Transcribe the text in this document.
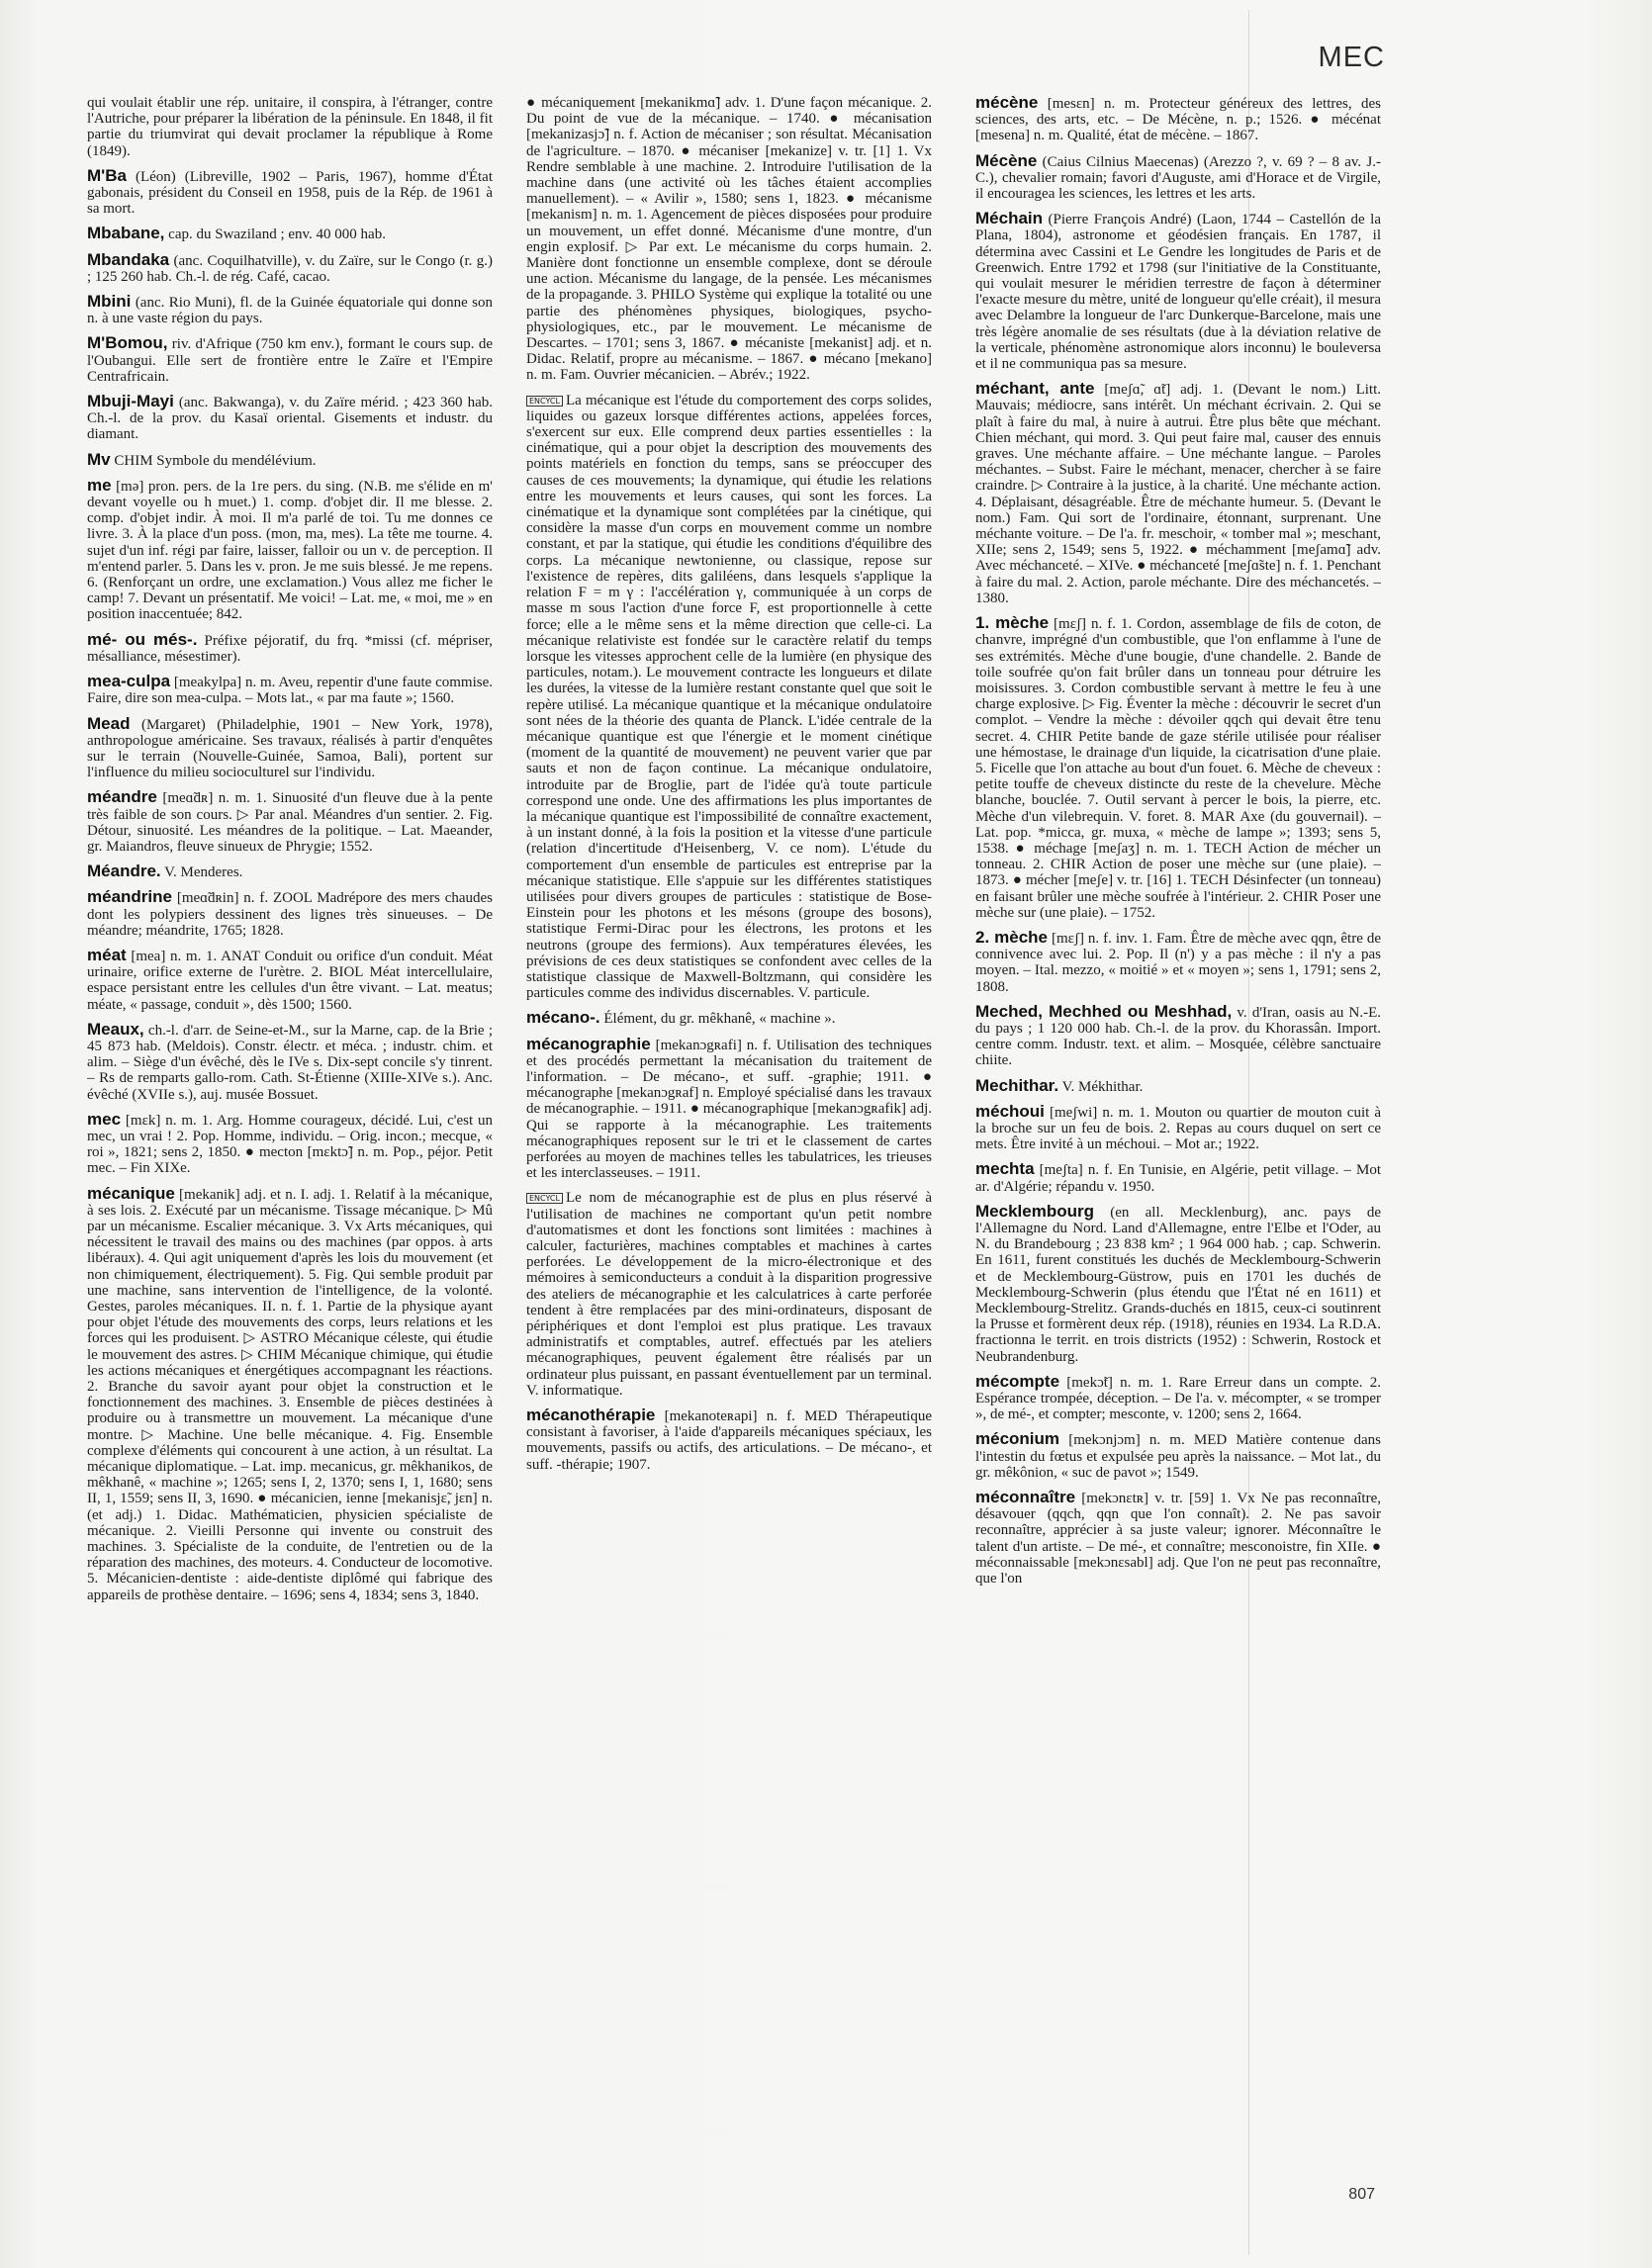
MEC

qui voulait établir une rép. unitaire, il conspira, à l'étranger, contre l'Autriche, pour préparer la libération de la péninsule. En 1848, il fit partie du triumvirat qui devait proclamer la république à Rome (1849).

M'Ba (Léon) (Libreville, 1902 – Paris, 1967), homme d'État gabonais, président du Conseil en 1958, puis de la Rép. de 1961 à sa mort.

Mbabane, cap. du Swaziland ; env. 40 000 hab.

Mbandaka (anc. Coquilhatville), v. du Zaïre, sur le Congo (r. g.) ; 125 260 hab. Ch.-l. de rég. Café, cacao.

Mbini (anc. Rio Muni), fl. de la Guinée équatoriale qui donne son n. à une vaste région du pays.

M'Bomou, riv. d'Afrique (750 km env.), formant le cours sup. de l'Oubangui. Elle sert de frontière entre le Zaïre et l'Empire Centrafricain.

Mbuji-Mayi (anc. Bakwanga), v. du Zaïre mérid. ; 423 360 hab. Ch.-l. de la prov. du Kasaï oriental. Gisements et industr. du diamant.

Mv CHIM Symbole du mendélévium.

me [mə] pron. pers. de la 1re pers. du sing. (N.B. me s'élide en m' devant voyelle ou h muet.) 1. comp. d'objet dir. Il me blesse. 2. comp. d'objet indir. À moi. Il m'a parlé de toi. Tu me donnes ce livre. 3. À la place d'un poss. (mon, ma, mes). La tête me tourne. 4. sujet d'un inf. régi par faire, laisser, falloir ou un v. de perception. Il m'entend parler. 5. Dans les v. pron. Je me suis blessé. Je me repens. 6. (Renforçant un ordre, une exclamation.) Vous allez me ficher le camp! 7. Devant un présentatif. Me voici! – Lat. me, « moi, me » en position inaccentuée; 842.

mé- ou més-. Préfixe péjoratif, du frq. *missi (cf. mépriser, mésalliance, mésestimer).

mea-culpa [meakylpa] n. m. Aveu, repentir d'une faute commise. Faire, dire son mea-culpa. – Mots lat., « par ma faute »; 1560.

Mead (Margaret) (Philadelphie, 1901 – New York, 1978), anthropologue américaine. Ses travaux, réalisés à partir d'enquêtes sur le terrain (Nouvelle-Guinée, Samoa, Bali), portent sur l'influence du milieu socioculturel sur l'individu.

méandre [meɑ̃dʀ] n. m. 1. Sinuosité d'un fleuve due à la pente très faible de son cours. ▷ Par anal. Méandres d'un sentier. 2. Fig. Détour, sinuosité. Les méandres de la politique. – Lat. Maeander, gr. Maiandros, fleuve sinueux de Phrygie; 1552.

Méandre. V. Menderes.

méandrine [meɑ̃dʀin] n. f. ZOOL Madrépore des mers chaudes dont les polypiers dessinent des lignes très sinueuses. – De méandre; méandrite, 1765; 1828.

méat [mea] n. m. 1. ANAT Conduit ou orifice d'un conduit. Méat urinaire, orifice externe de l'urètre. 2. BIOL Méat intercellulaire, espace persistant entre les cellules d'un être vivant. – Lat. meatus; méate, « passage, conduit », dès 1500; 1560.

Meaux, ch.-l. d'arr. de Seine-et-M., sur la Marne, cap. de la Brie ; 45 873 hab. (Meldois). Constr. électr. et méca. ; industr. chim. et alim. – Siège d'un évêché, dès le IVe s. Dix-sept concile s'y tinrent. – Rs de remparts gallo-rom. Cath. St-Étienne (XIIIe-XIVe s.). Anc. évêché (XVIIe s.), auj. musée Bossuet.

mec [mɛk] n. m. 1. Arg. Homme courageux, décidé. Lui, c'est un mec, un vrai ! 2. Pop. Homme, individu. – Orig. incon.; mecque, « roi », 1821; sens 2, 1850. ● mecton [mɛktɔ̃] n. m. Pop., péjor. Petit mec. – Fin XIXe.

mécanique [mekanik] adj. et n. I. adj. 1. Relatif à la mécanique, à ses lois. 2. Exécuté par un mécanisme. Tissage mécanique. ▷ Mû par un mécanisme. Escalier mécanique. 3. Vx Arts mécaniques, qui nécessitent le travail des mains ou des machines (par oppos. à arts libéraux). 4. Qui agit uniquement d'après les lois du mouvement (et non chimiquement, électriquement). 5. Fig. Qui semble produit par une machine, sans intervention de l'intelligence, de la volonté. Gestes, paroles mécaniques. II. n. f. 1. Partie de la physique ayant pour objet l'étude des mouvements des corps, leurs relations et les forces qui les produisent. ▷ ASTRO Mécanique céleste, qui étudie le mouvement des astres. ▷ CHIM Mécanique chimique, qui étudie les actions mécaniques et énergétiques accompagnant les réactions. 2. Branche du savoir ayant pour objet la construction et le fonctionnement des machines. 3. Ensemble de pièces destinées à produire ou à transmettre un mouvement. La mécanique d'une montre. ▷ Machine. Une belle mécanique. 4. Fig. Ensemble complexe d'éléments qui concourent à une action, à un résultat. La mécanique diplomatique. – Lat. imp. mecanicus, gr. mêkhanikos, de mêkhanê, « machine »; 1265; sens I, 2, 1370; sens I, 1, 1680; sens II, 1, 1559; sens II, 3, 1690. ● mécanicien, ienne [mekanisjɛ̃, jɛn] n. (et adj.) 1. Didac. Mathématicien, physicien spécialiste de mécanique. 2. Vieilli Personne qui invente ou construit des machines. 3. Spécialiste de la conduite, de l'entretien ou de la réparation des machines, des moteurs. 4. Conducteur de locomotive. 5. Mécanicien-dentiste : aide-dentiste diplômé qui fabrique des appareils de prothèse dentaire. – 1696; sens 4, 1834; sens 3, 1840.

● mécaniquement [mekanikmɑ̃] adv. 1. D'une façon mécanique. 2. Du point de vue de la mécanique. – 1740. ● mécanisation [mekanizasjɔ̃] n. f. Action de mécaniser ; son résultat. Mécanisation de l'agriculture. – 1870. ● mécaniser [mekanize] v. tr. [1] 1. Vx Rendre semblable à une machine. 2. Introduire l'utilisation de la machine dans (une activité où les tâches étaient accomplies manuellement). – « Avilir », 1580; sens 1, 1823. ● mécanisme [mekanism] n. m. 1. Agencement de pièces disposées pour produire un mouvement, un effet donné. Mécanisme d'une montre, d'un engin explosif. ▷ Par ext. Le mécanisme du corps humain. 2. Manière dont fonctionne un ensemble complexe, dont se déroule une action. Mécanisme du langage, de la pensée. Les mécanismes de la propagande. 3. PHILO Système qui explique la totalité ou une partie des phénomènes physiques, biologiques, psycho-physiologiques, etc., par le mouvement. Le mécanisme de Descartes. – 1701; sens 3, 1867. ● mécaniste [mekanist] adj. et n. Didac. Relatif, propre au mécanisme. – 1867. ● mécano [mekano] n. m. Fam. Ouvrier mécanicien. – Abrév.; 1922.

ENCYCL La mécanique est l'étude du comportement des corps solides, liquides ou gazeux lorsque différentes actions, appelées forces, s'exercent sur eux. Elle comprend deux parties essentielles : la cinématique, qui a pour objet la description des mouvements des points matériels en fonction du temps, sans se préoccuper des causes de ces mouvements; la dynamique, qui étudie les relations entre les mouvements et leurs causes, qui sont les forces. La cinématique et la dynamique sont complétées par la cinétique, qui considère la masse d'un corps en mouvement comme un nombre constant, et par la statique, qui étudie les conditions d'équilibre des corps. La mécanique newtonienne, ou classique, repose sur l'existence de repères, dits galiléens, dans lesquels s'applique la relation F = m γ : l'accélération γ, communiquée à un corps de masse m sous l'action d'une force F, est proportionnelle à cette force; elle a le même sens et la même direction que celle-ci. La mécanique relativiste est fondée sur le caractère relatif du temps lorsque les vitesses approchent celle de la lumière (en physique des particules, notam.). Le mouvement contracte les longueurs et dilate les durées, la vitesse de la lumière restant constante quel que soit le repère utilisé. La mécanique quantique et la mécanique ondulatoire sont nées de la théorie des quanta de Planck. L'idée centrale de la mécanique quantique est que l'énergie et le moment cinétique (moment de la quantité de mouvement) ne peuvent varier que par sauts et non de façon continue. La mécanique ondulatoire, introduite par de Broglie, part de l'idée qu'à toute particule correspond une onde. Une des affirmations les plus importantes de la mécanique quantique est l'impossibilité de connaître exactement, à un instant donné, à la fois la position et la vitesse d'une particule (relation d'incertitude d'Heisenberg, V. ce nom). L'étude du comportement d'un ensemble de particules est entreprise par la mécanique statistique. Elle s'appuie sur les différentes statistiques utilisées pour divers groupes de particules : statistique de Bose-Einstein pour les photons et les mésons (groupe des bosons), statistique Fermi-Dirac pour les électrons, les protons et les neutrons (groupe des fermions). Aux températures élevées, les prévisions de ces deux statistiques se confondent avec celles de la statistique classique de Maxwell-Boltzmann, qui considère les particules comme des individus discernables. V. particule.

mécano-. Élément, du gr. mêkhanê, « machine ».

mécanographie [mekanɔgʀafi] n. f. Utilisation des techniques et des procédés permettant la mécanisation du traitement de l'information. – De mécano-, et suff. -graphie; 1911. ● mécanographe [mekanɔgʀaf] n. Employé spécialisé dans les travaux de mécanographie. – 1911. ● mécanographique [mekanɔgʀafik] adj. Qui se rapporte à la mécanographie. Les traitements mécanographiques reposent sur le tri et le classement de cartes perforées au moyen de machines telles les tabulatrices, les trieuses et les interclasseuses. – 1911.

ENCYCL Le nom de mécanographie est de plus en plus réservé à l'utilisation de machines ne comportant qu'un petit nombre d'automatismes et dont les fonctions sont limitées : machines à calculer, facturières, machines comptables et machines à cartes perforées. Le développement de la micro-électronique et des mémoires à semiconducteurs a conduit à la disparition progressive des ateliers de mécanographie et les calculatrices à carte perforée tendent à être remplacées par des mini-ordinateurs, disposant de périphériques et dont l'emploi est plus pratique. Les travaux administratifs et comptables, autref. effectués par les ateliers mécanographiques, peuvent également être réalisés par un ordinateur plus puissant, en passant éventuellement par un terminal. V. informatique.

mécanothérapie [mekanoteʀapi] n. f. MED Thérapeutique consistant à favoriser, à l'aide d'appareils mécaniques spéciaux, les mouvements, passifs ou actifs, des articulations. – De mécano-, et suff. -thérapie; 1907.

mécène [mesɛn] n. m. Protecteur généreux des lettres, des sciences, des arts, etc. – De Mécène, n. p.; 1526. ● mécénat [mesena] n. m. Qualité, état de mécène. – 1867.

Mécène (Caius Cilnius Maecenas) (Arezzo ?, v. 69 ? – 8 av. J.-C.), chevalier romain; favori d'Auguste, ami d'Horace et de Virgile, il encouragea les sciences, les lettres et les arts.

Méchain (Pierre François André) (Laon, 1744 – Castellón de la Plana, 1804), astronome et géodésien français. En 1787, il détermina avec Cassini et Le Gendre les longitudes de Paris et de Greenwich. Entre 1792 et 1798 (sur l'initiative de la Constituante, qui voulait mesurer le méridien terrestre de façon à déterminer l'exacte mesure du mètre, unité de longueur qu'elle créait), il mesura avec Delambre la longueur de l'arc Dunkerque-Barcelone, mais une très légère anomalie de ses résultats (due à la déviation relative de la verticale, phénomène astronomique alors inconnu) le bouleversa et il ne communiqua pas sa mesure.

méchant, ante [meʃɑ̃, ɑ̃t] adj. 1. (Devant le nom.) Litt. Mauvais; médiocre, sans intérêt. Un méchant écrivain. 2. Qui se plaît à faire du mal, à nuire à autrui. Être plus bête que méchant. Chien méchant, qui mord. 3. Qui peut faire mal, causer des ennuis graves. Une méchante affaire. – Une méchante langue. – Paroles méchantes. – Subst. Faire le méchant, menacer, chercher à se faire craindre. ▷ Contraire à la justice, à la charité. Une méchante action. 4. Déplaisant, désagréable. Être de méchante humeur. 5. (Devant le nom.) Fam. Qui sort de l'ordinaire, étonnant, surprenant. Une méchante voiture. – De l'a. fr. meschoir, « tomber mal »; meschant, XIIe; sens 2, 1549; sens 5, 1922. ● méchamment [meʃamɑ̃] adv. Avec méchanceté. – XIVe. ● méchanceté [meʃɑ̃ste] n. f. 1. Penchant à faire du mal. 2. Action, parole méchante. Dire des méchancetés. – 1380.

1. mèche [mɛʃ] n. f. 1. Cordon, assemblage de fils de coton, de chanvre, imprégné d'un combustible, que l'on enflamme à l'une de ses extrémités. Mèche d'une bougie, d'une chandelle. 2. Bande de toile soufrée qu'on fait brûler dans un tonneau pour détruire les moisissures. 3. Cordon combustible servant à mettre le feu à une charge explosive. ▷ Fig. Éventer la mèche : découvrir le secret d'un complot. – Vendre la mèche : dévoiler qqch qui devait être tenu secret. 4. CHIR Petite bande de gaze stérile utilisée pour réaliser une hémostase, le drainage d'un liquide, la cicatrisation d'une plaie. 5. Ficelle que l'on attache au bout d'un fouet. 6. Mèche de cheveux : petite touffe de cheveux distincte du reste de la chevelure. Mèche blanche, bouclée. 7. Outil servant à percer le bois, la pierre, etc. Mèche d'un vilebrequin. V. foret. 8. MAR Axe (du gouvernail). – Lat. pop. *micca, gr. muxa, « mèche de lampe »; 1393; sens 5, 1538. ● méchage [meʃaʒ] n. m. 1. TECH Action de mécher un tonneau. 2. CHIR Action de poser une mèche sur (une plaie). – 1873. ● mécher [meʃe] v. tr. [16] 1. TECH Désinfecter (un tonneau) en faisant brûler une mèche soufrée à l'intérieur. 2. CHIR Poser une mèche sur (une plaie). – 1752.

2. mèche [mɛʃ] n. f. inv. 1. Fam. Être de mèche avec qqn, être de connivence avec lui. 2. Pop. Il (n') y a pas mèche : il n'y a pas moyen. – Ital. mezzo, « moitié » et « moyen »; sens 1, 1791; sens 2, 1808.

Meched, Mechhed ou Meshhad, v. d'Iran, oasis au N.-E. du pays ; 1 120 000 hab. Ch.-l. de la prov. du Khorassân. Import. centre comm. Industr. text. et alim. – Mosquée, célèbre sanctuaire chiite.

Mechithar. V. Mékhithar.

méchoui [meʃwi] n. m. 1. Mouton ou quartier de mouton cuit à la broche sur un feu de bois. 2. Repas au cours duquel on sert ce mets. Être invité à un méchoui. – Mot ar.; 1922.

mechta [meʃta] n. f. En Tunisie, en Algérie, petit village. – Mot ar. d'Algérie; répandu v. 1950.

Mecklembourg (en all. Mecklenburg), anc. pays de l'Allemagne du Nord. Land d'Allemagne, entre l'Elbe et l'Oder, au N. du Brandebourg ; 23 838 km² ; 1 964 000 hab. ; cap. Schwerin. En 1611, furent constitués les duchés de Mecklembourg-Schwerin et de Mecklembourg-Güstrow, puis en 1701 les duchés de Mecklembourg-Schwerin (plus étendu que l'État né en 1611) et Mecklembourg-Strelitz. Grands-duchés en 1815, ceux-ci soutinrent la Prusse et formèrent deux rép. (1918), réunies en 1934. La R.D.A. fractionna le territ. en trois districts (1952) : Schwerin, Rostock et Neubrandenburg.

mécompte [mekɔ̃t] n. m. 1. Rare Erreur dans un compte. 2. Espérance trompée, déception. – De l'a. v. mécompter, « se tromper », de mé-, et compter; mesconte, v. 1200; sens 2, 1664.

méconium [mekɔnjɔm] n. m. MED Matière contenue dans l'intestin du fœtus et expulsée peu après la naissance. – Mot lat., du gr. mêkônion, « suc de pavot »; 1549.

méconnaître [mekɔnɛtʀ] v. tr. [59] 1. Vx Ne pas reconnaître, désavouer (qqch, qqn que l'on connaît). 2. Ne pas savoir reconnaître, apprécier à sa juste valeur; ignorer. Méconnaître le talent d'un artiste. – De mé-, et connaître; mesconoistre, fin XIIe. ● méconnaissable [mekɔnɛsabl] adj. Que l'on ne peut pas reconnaître, que l'on

807
